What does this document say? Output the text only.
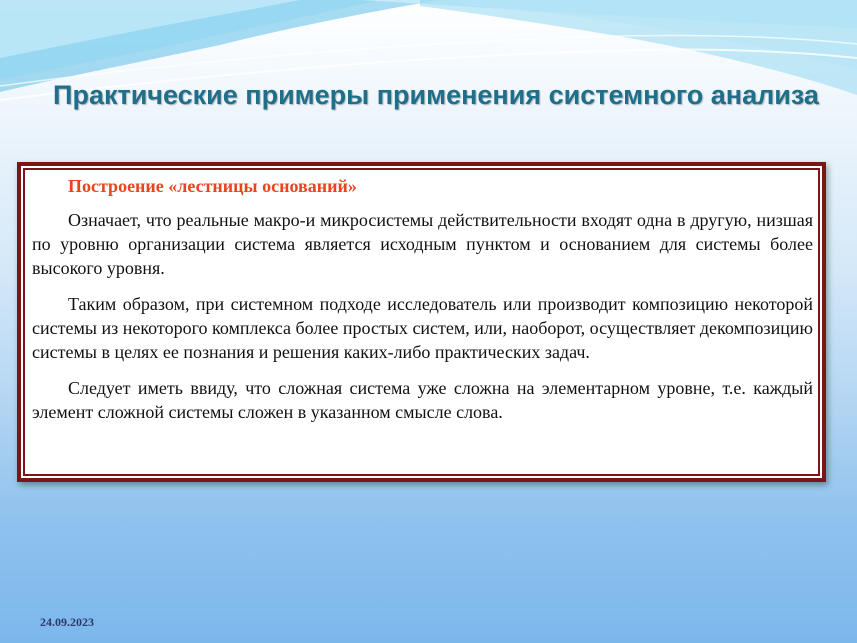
Практические примеры применения системного анализа

Построение «лестницы оснований»

Означает, что реальные макро-и микросистемы действительности входят одна в другую, низшая по уровню организации система является исходным пунктом и основанием для системы более высокого уровня.

Таким образом, при системном подходе исследователь или производит композицию некоторой системы из некоторого комплекса более простых систем, или, наоборот, осуществляет декомпозицию системы в целях ее познания и решения каких-либо практических задач.

Следует иметь ввиду, что сложная система уже сложна на элементарном уровне, т.е. каждый элемент сложной системы сложен в указанном смысле слова.

24.09.2023
